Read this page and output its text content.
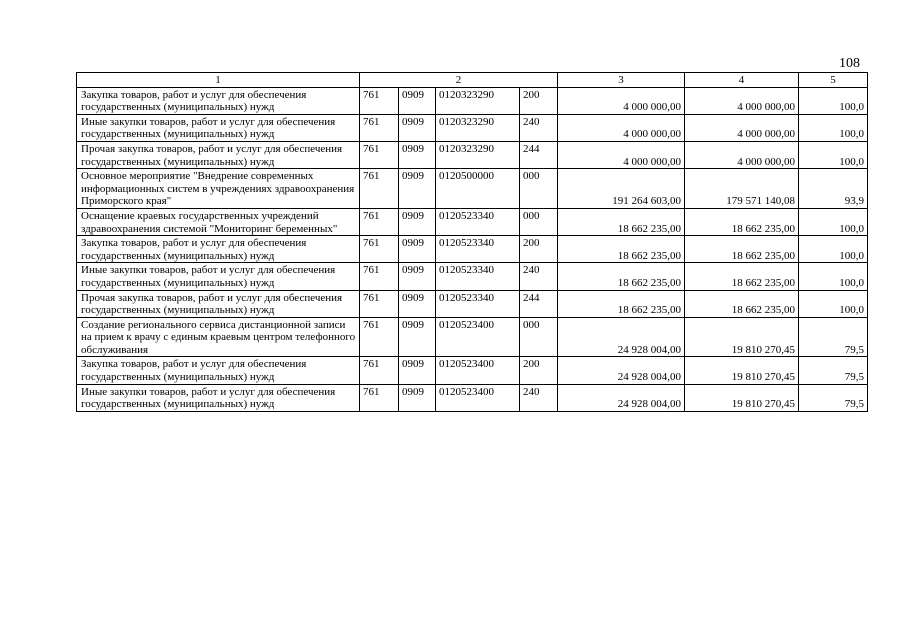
108
1	2				3	4	5
Закупка товаров, работ и услуг для обеспечения государственных (муниципальных) нужд	761	0909	0120323290	200	4 000 000,00	4 000 000,00	100,0
Иные закупки товаров, работ и услуг для обеспечения государственных (муниципальных) нужд	761	0909	0120323290	240	4 000 000,00	4 000 000,00	100,0
Прочая закупка товаров, работ и услуг для обеспечения государственных (муниципальных) нужд	761	0909	0120323290	244	4 000 000,00	4 000 000,00	100,0
Основное мероприятие "Внедрение современных информационных систем в учреждениях здравоохранения Приморского края"	761	0909	0120500000	000	191 264 603,00	179 571 140,08	93,9
Оснащение краевых государственных учреждений здравоохранения системой "Мониторинг беременных"	761	0909	0120523340	000	18 662 235,00	18 662 235,00	100,0
Закупка товаров, работ и услуг для обеспечения государственных (муниципальных) нужд	761	0909	0120523340	200	18 662 235,00	18 662 235,00	100,0
Иные закупки товаров, работ и услуг для обеспечения государственных (муниципальных) нужд	761	0909	0120523340	240	18 662 235,00	18 662 235,00	100,0
Прочая закупка товаров, работ и услуг для обеспечения государственных (муниципальных) нужд	761	0909	0120523340	244	18 662 235,00	18 662 235,00	100,0
Создание регионального сервиса дистанционной записи на прием к врачу с единым краевым центром телефонного обслуживания	761	0909	0120523400	000	24 928 004,00	19 810 270,45	79,5
Закупка товаров, работ и услуг для обеспечения государственных (муниципальных) нужд	761	0909	0120523400	200	24 928 004,00	19 810 270,45	79,5
Иные закупки товаров, работ и услуг для обеспечения государственных (муниципальных) нужд	761	0909	0120523400	240	24 928 004,00	19 810 270,45	79,5
